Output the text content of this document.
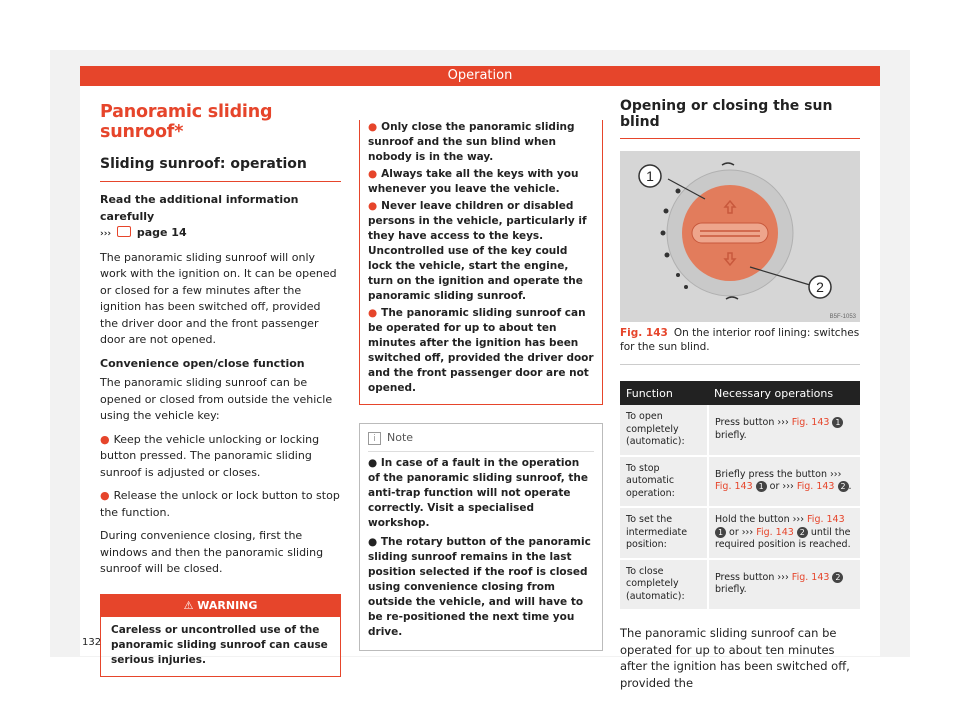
Operation
Panoramic sliding sunroof*
Sliding sunroof: operation
Read the additional information carefully
››› page 14
The panoramic sliding sunroof will only work with the ignition on. It can be opened or closed for a few minutes after the ignition has been switched off, provided the driver door and the front passenger door are not opened.
Convenience open/close function
The panoramic sliding sunroof can be opened or closed from outside the vehicle using the vehicle key:
● Keep the vehicle unlocking or locking button pressed. The panoramic sliding sunroof is adjusted or closes.
● Release the unlock or lock button to stop the function.
During convenience closing, first the windows and then the panoramic sliding sunroof will be closed.
⚠ WARNING
Careless or uncontrolled use of the panoramic sliding sunroof can cause serious injuries.
● Only close the panoramic sliding sunroof and the sun blind when nobody is in the way.
● Always take all the keys with you whenever you leave the vehicle.
● Never leave children or disabled persons in the vehicle, particularly if they have access to the keys. Uncontrolled use of the key could lock the vehicle, start the engine, turn on the ignition and operate the panoramic sliding sunroof.
● The panoramic sliding sunroof can be operated for up to about ten minutes after the ignition has been switched off, provided the driver door and the front passenger door are not opened.
i Note
● In case of a fault in the operation of the panoramic sliding sunroof, the anti-trap function will not operate correctly. Visit a specialised workshop.
● The rotary button of the panoramic sliding sunroof remains in the last position selected if the roof is closed using convenience closing from outside the vehicle, and will have to be re-positioned the next time you drive.
Opening or closing the sun blind
1
2
B5F-1053
Fig. 143 On the interior roof lining: switches for the sun blind.
Function	Necessary operations
To open completely (automatic):	Press button ››› Fig. 143 1 briefly.
To stop automatic operation:	Briefly press the button ››› Fig. 143 1 or ››› Fig. 143 2 .
To set the intermediate position:	Hold the button ››› Fig. 143 1 or ››› Fig. 143 2 until the required position is reached.
To close completely (automatic):	Press button ››› Fig. 143 2 briefly.
The panoramic sliding sunroof can be operated for up to about ten minutes after the ignition has been switched off, provided the
132
